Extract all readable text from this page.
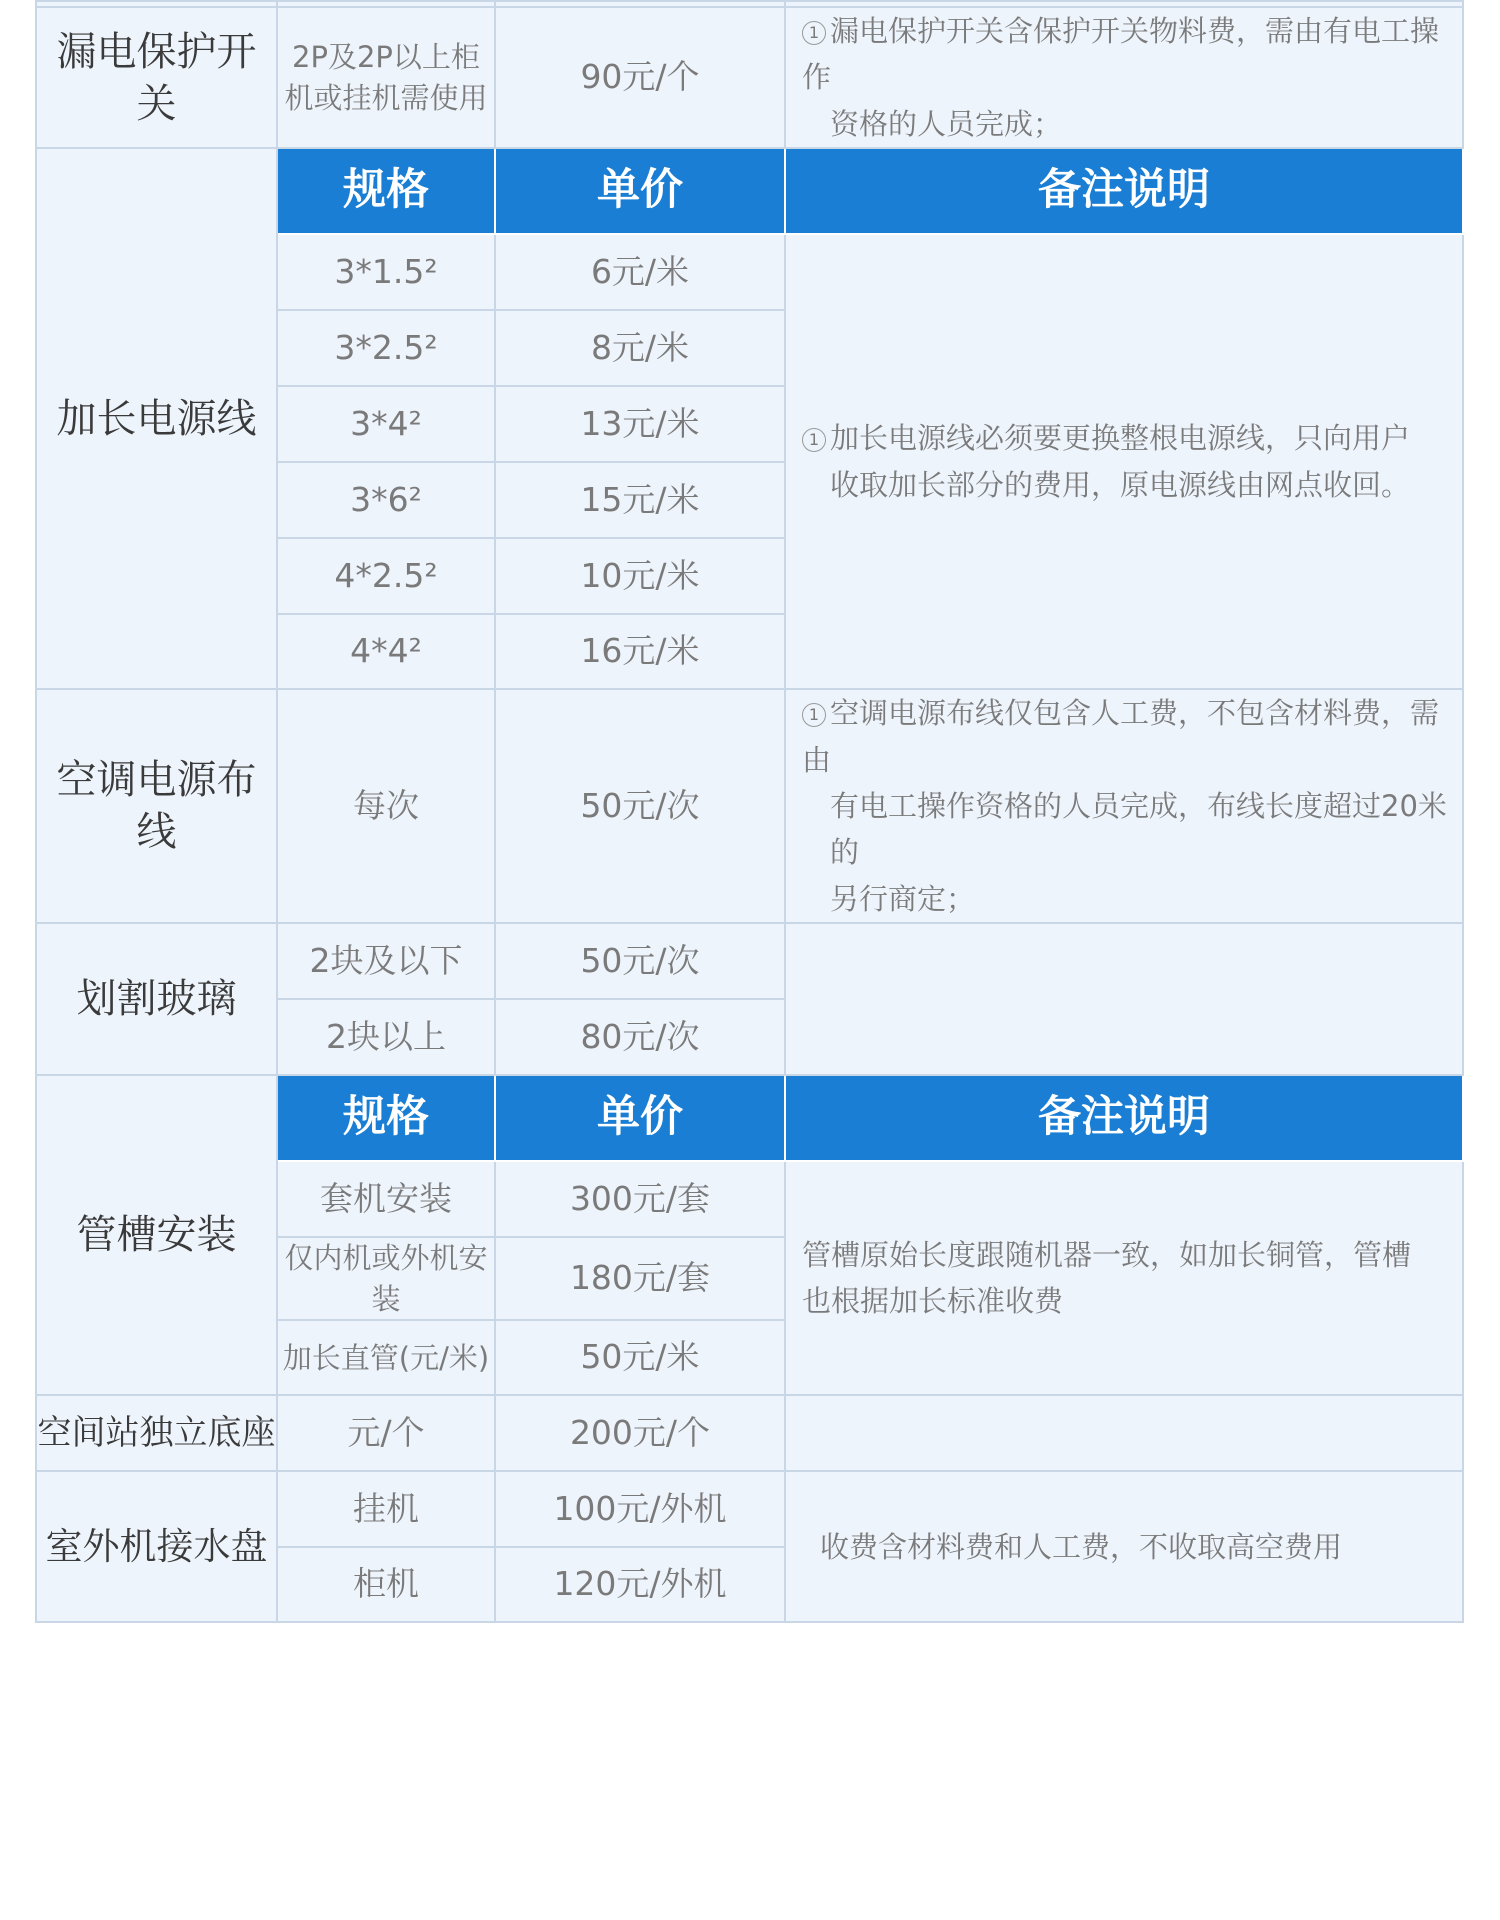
漏电保护开关	2P及2P以上柜机或挂机需使用	90元/个	1 漏电保护开关含保护开关物料费，需由有电工操作
资格的人员完成；

加长电源线	规格	单价	备注说明
	3*1.5²	6元/米	1 加长电源线必须要更换整根电源线，只向用户
收取加长部分的费用，原电源线由网点收回。

	3*2.5²	8元/米	
	3*4²	13元/米	
	3*6²	15元/米	
	4*2.5²	10元/米	
	4*4²	16元/米	
空调电源布线	每次	50元/次	1 空调电源布线仅包含人工费，不包含材料费，需由
有电工操作资格的人员完成，布线长度超过20米的
另行商定；

划割玻璃	2块及以下	50元/次	
	2块以上	80元/次	
管槽安装	规格	单价	备注说明
	套机安装	300元/套	管槽原始长度跟随机器一致，如加长铜管，管槽
也根据加长标准收费
	仅内机或外机安装	180元/套	
	加长直管(元/米)	50元/米	
空间站独立底座	元/个	200元/个	
室外机接水盘	挂机	100元/外机	收费含材料费和人工费，不收取高空费用
	柜机	120元/外机	
